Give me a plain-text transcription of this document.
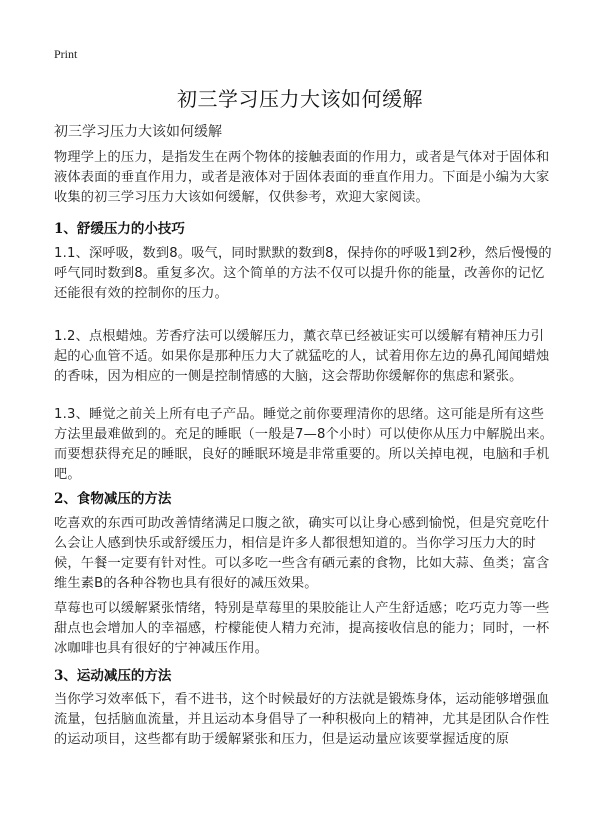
Print
初三学习压力大该如何缓解
初三学习压力大该如何缓解
物理学上的压力，是指发生在两个物体的接触表面的作用力，或者是气体对于固体和液体表面的垂直作用力，或者是液体对于固体表面的垂直作用力。下面是小编为大家收集的初三学习压力大该如何缓解，仅供参考，欢迎大家阅读。
1、舒缓压力的小技巧
1.1、深呼吸，数到8。吸气，同时默默的数到8，保持你的呼吸1到2秒，然后慢慢的呼气同时数到8。重复多次。这个简单的方法不仅可以提升你的能量，改善你的记忆还能很有效的控制你的压力。
1.2、点根蜡烛。芳香疗法可以缓解压力，薰衣草已经被证实可以缓解有精神压力引起的心血管不适。如果你是那种压力大了就猛吃的人，试着用你左边的鼻孔闻闻蜡烛的香味，因为相应的一侧是控制情感的大脑，这会帮助你缓解你的焦虑和紧张。
1.3、睡觉之前关上所有电子产品。睡觉之前你要理清你的思绪。这可能是所有这些方法里最难做到的。充足的睡眠（一般是7—8个小时）可以使你从压力中解脱出来。而要想获得充足的睡眠，良好的睡眠环境是非常重要的。所以关掉电视，电脑和手机吧。
2、食物减压的方法
吃喜欢的东西可助改善情绪满足口腹之欲，确实可以让身心感到愉悦，但是究竟吃什么会让人感到快乐或舒缓压力，相信是许多人都很想知道的。当你学习压力大的时候，午餐一定要有针对性。可以多吃一些含有硒元素的食物，比如大蒜、鱼类；富含维生素B的各种谷物也具有很好的减压效果。
草莓也可以缓解紧张情绪，特别是草莓里的果胶能让人产生舒适感；吃巧克力等一些甜点也会增加人的幸福感，柠檬能使人精力充沛，提高接收信息的能力；同时，一杯冰咖啡也具有很好的宁神减压作用。
3、运动减压的方法
当你学习效率低下，看不进书，这个时候最好的方法就是锻炼身体，运动能够增强血流量，包括脑血流量，并且运动本身倡导了一种积极向上的精神，尤其是团队合作性的运动项目，这些都有助于缓解紧张和压力，但是运动量应该要掌握适度的原
